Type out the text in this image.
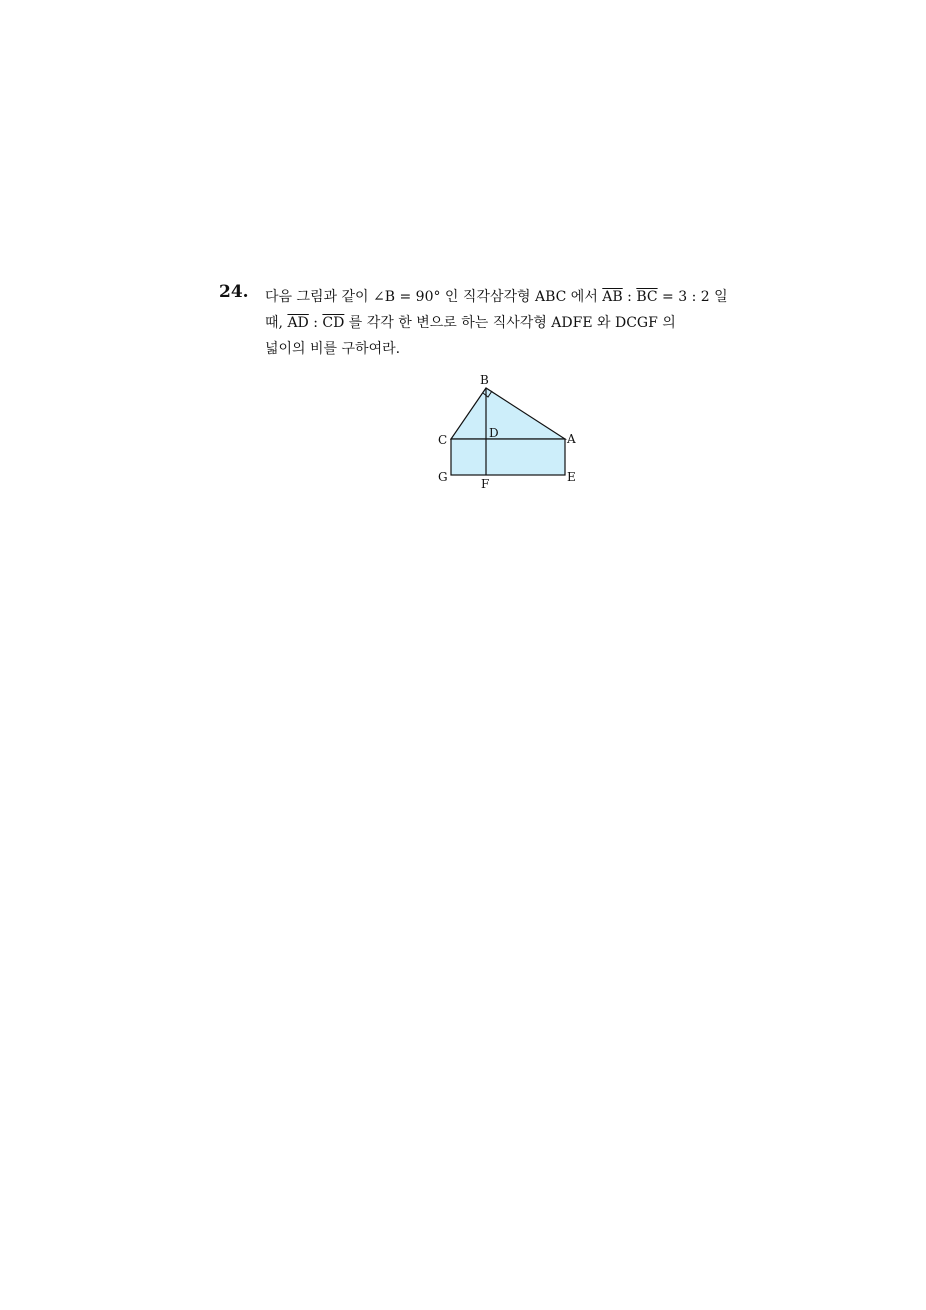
24. 다음 그림과 같이 ∠B = 90° 인 직각삼각형 ABC 에서 $\overline{AB}$ : $\overline{BC} = 3$ : 2 일
때, $\overline{AD}$ : $\overline{CD}$ 를 각각 한 변으로 하는 직사각형 ADFE 와 DCGF 의
넓이의 비를 구하여라.
B
C	D	A
G	F	E
